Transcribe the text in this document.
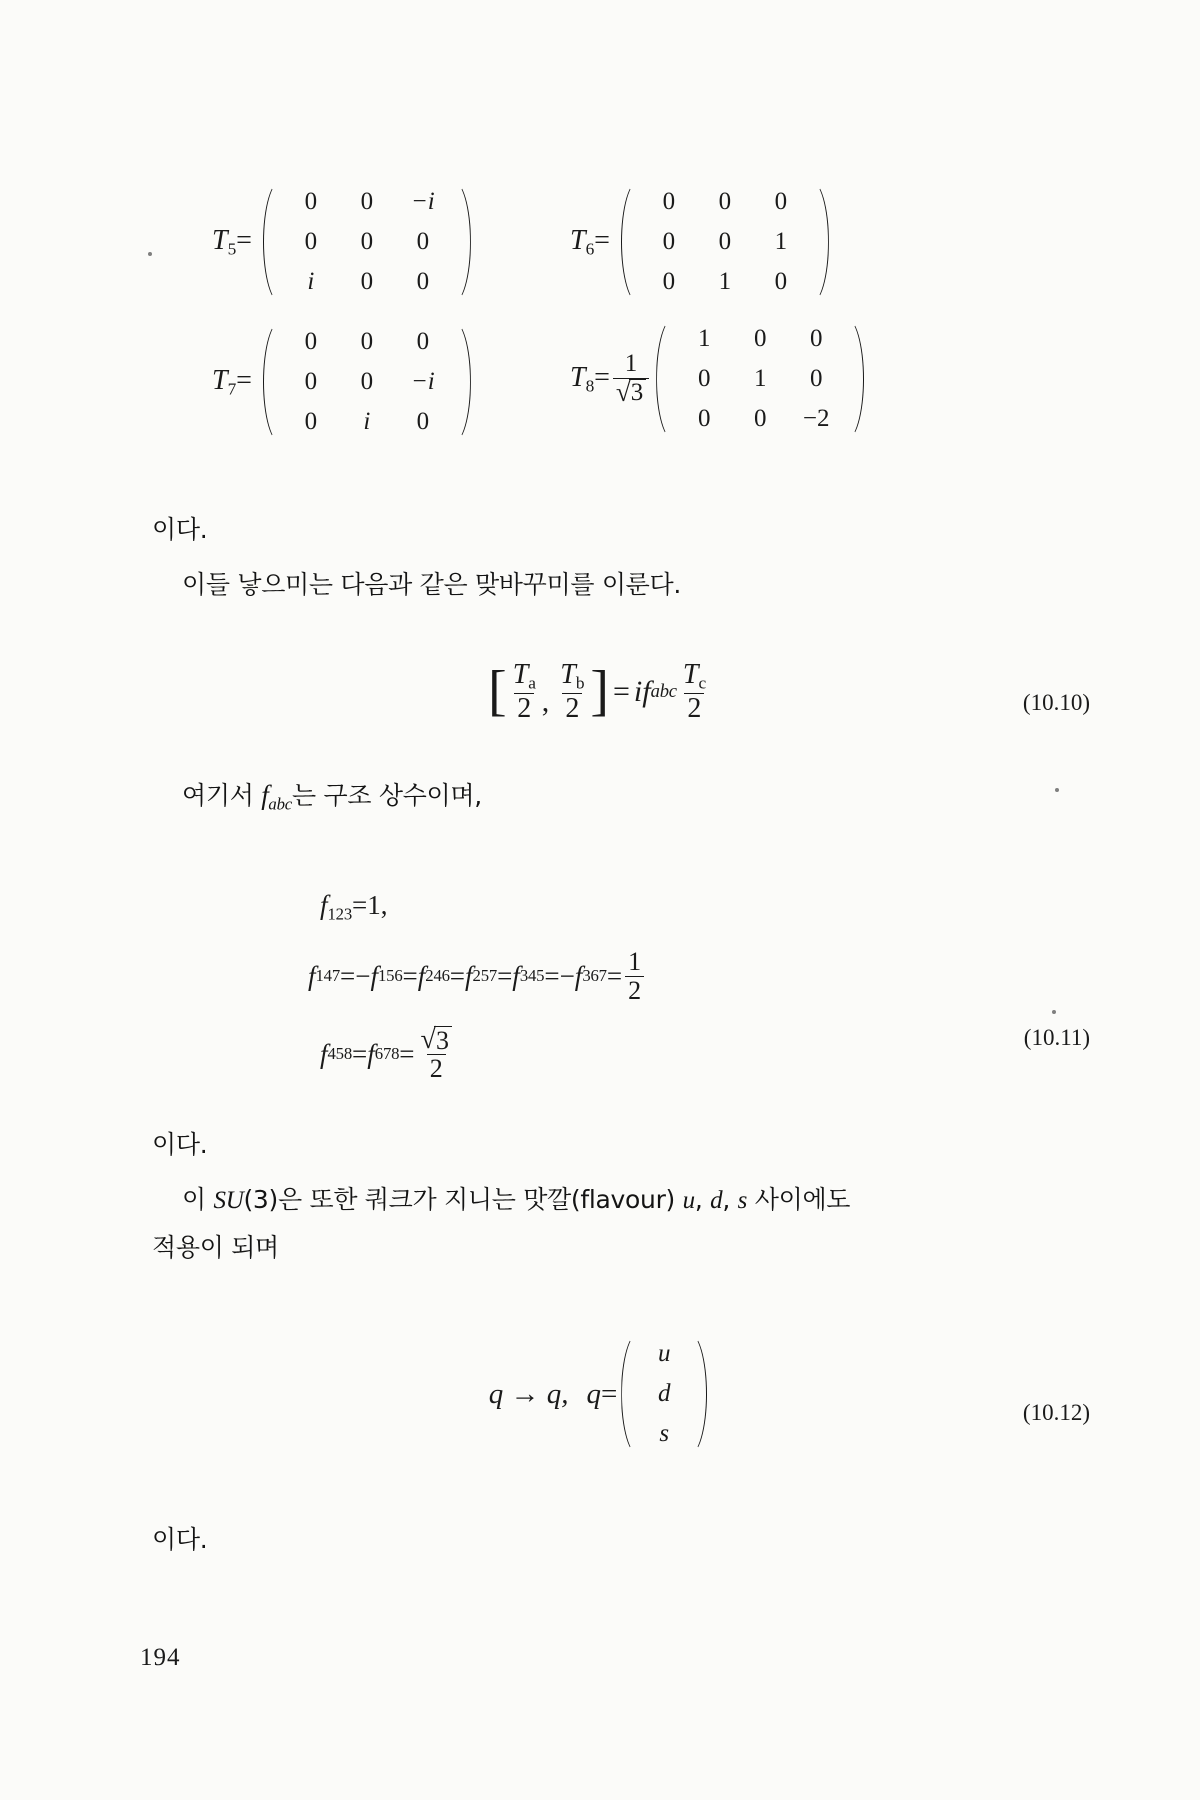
$T_5=$
0	0	−i
0	0	0
i	0	0
$T_6=$
0	0	0
0	0	1
0	1	0
$T_7=$
0	0	0
0	0	−i
0	i	0
$T_8= \frac{1}{√ 3}$
1	0	0
0	1	0
0	0	−2
이다.
이들 낳으미는 다음과 같은 맞바꾸미를 이룬다.
[ $\frac{T_a}{2}$ , $\frac{T_b}{2}$ ] = i f abc $\frac{T_c}{2}$	(10.10)
여기서 $f_{abc}$는 구조 상수이며,
$f_{123}=1$,
f 147 = − f 156 = f 246 = f 257 = f 345 = − f $367 = \frac{1}{2}$
f 458 = f $678 = \frac{√ 3}{2}$	(10.11)
이다.
이 SU(3)은 또한 쿼크가 지니는 맛깔(flavour) u, d, s 사이에도
적용이 되며
q → q, q =
u
d
s
(10.12)
이다.
194
